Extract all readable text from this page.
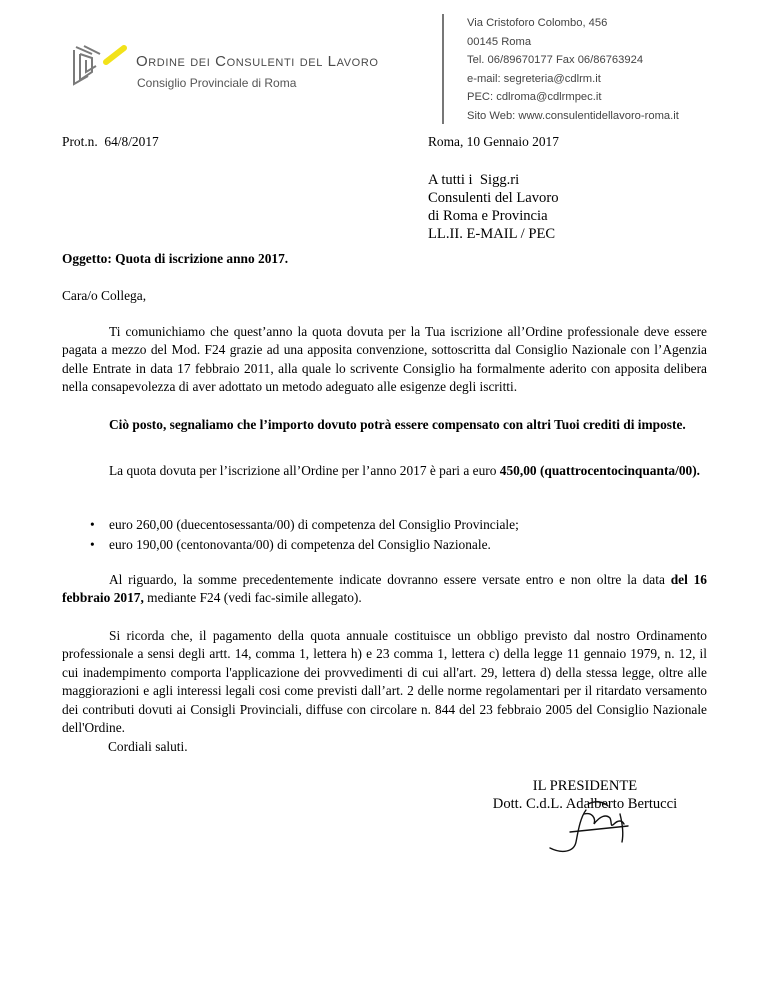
Ordine dei Consulenti del Lavoro
Consiglio Provinciale di Roma
Via Cristoforo Colombo, 456
00145 Roma
Tel. 06/89670177 Fax 06/86763924
e-mail: segreteria@cdlrm.it
PEC: cdlroma@cdlrmpec.it
Sito Web: www.consulentidellavoro-roma.it
Prot.n.  64/8/2017	Roma, 10 Gennaio 2017
A tutti i  Sigg.ri
Consulenti del Lavoro
di Roma e Provincia
LL.II. E-MAIL / PEC
Oggetto: Quota di iscrizione anno 2017.
Cara/o Collega,
Ti comunichiamo che quest’anno la quota dovuta per la Tua iscrizione all’Ordine professionale deve essere pagata a mezzo del Mod. F24 grazie ad una apposita convenzione, sottoscritta dal Consiglio Nazionale con l’Agenzia delle Entrate in data 17 febbraio 2011, alla quale lo scrivente Consiglio ha formalmente aderito con apposita delibera nella consapevolezza di aver adottato un metodo adeguato alle esigenze degli iscritti.
Ciò posto, segnaliamo che l’importo dovuto potrà essere compensato con altri Tuoi crediti di imposte.
La quota dovuta per l’iscrizione all’Ordine per l’anno 2017 è pari a euro 450,00 (quattrocentocinquanta/00).
• euro 260,00 (duecentosessanta/00) di competenza del Consiglio Provinciale;
• euro 190,00 (centonovanta/00) di competenza del Consiglio Nazionale.
Al riguardo, la somme precedentemente indicate dovranno essere versate entro e non oltre la data del 16 febbraio 2017, mediante F24 (vedi fac-simile allegato).
Si ricorda che, il pagamento della quota annuale costituisce un obbligo previsto dal nostro Ordinamento professionale a sensi degli artt. 14, comma 1, lettera h) e 23 comma 1, lettera c) della legge 11 gennaio 1979, n. 12, il cui inadempimento comporta l'applicazione dei provvedimenti di cui all'art. 29, lettera d) della stessa legge, oltre alle maggiorazioni e agli interessi legali cosi come previsti dall’art. 2 delle norme regolamentari per il ritardato versamento dei contributi dovuti ai Consigli Provinciali, diffuse con circolare n. 844 del 23 febbraio 2005 del Consiglio Nazionale dell'Ordine.
Cordiali saluti.
IL PRESIDENTE
Dott. C.d.L. Adalberto Bertucci
